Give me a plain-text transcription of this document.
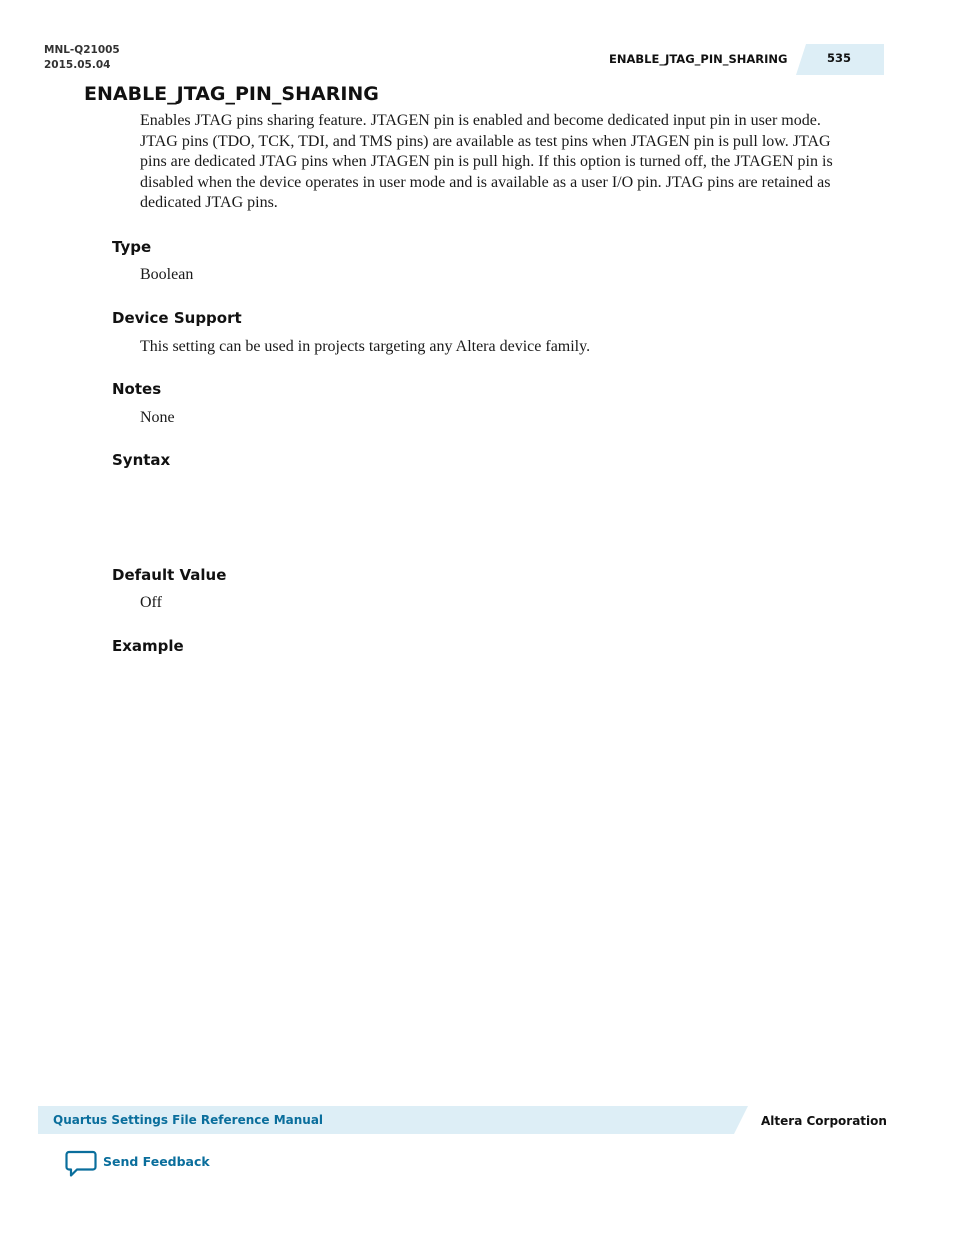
MNL-Q21005
2015.05.04	ENABLE_JTAG_PIN_SHARING	535
ENABLE_JTAG_PIN_SHARING
Enables JTAG pins sharing feature. JTAGEN pin is enabled and become dedicated input pin in user mode. JTAG pins (TDO, TCK, TDI, and TMS pins) are available as test pins when JTAGEN pin is pull low. JTAG pins are dedicated JTAG pins when JTAGEN pin is pull high. If this option is turned off, the JTAGEN pin is disabled when the device operates in user mode and is available as a user I/O pin. JTAG pins are retained as dedicated JTAG pins.
Type
Boolean
Device Support
This setting can be used in projects targeting any Altera device family.
Notes
None
Syntax
Default Value
Off
Example
Quartus Settings File Reference Manual	Altera Corporation
Send Feedback
